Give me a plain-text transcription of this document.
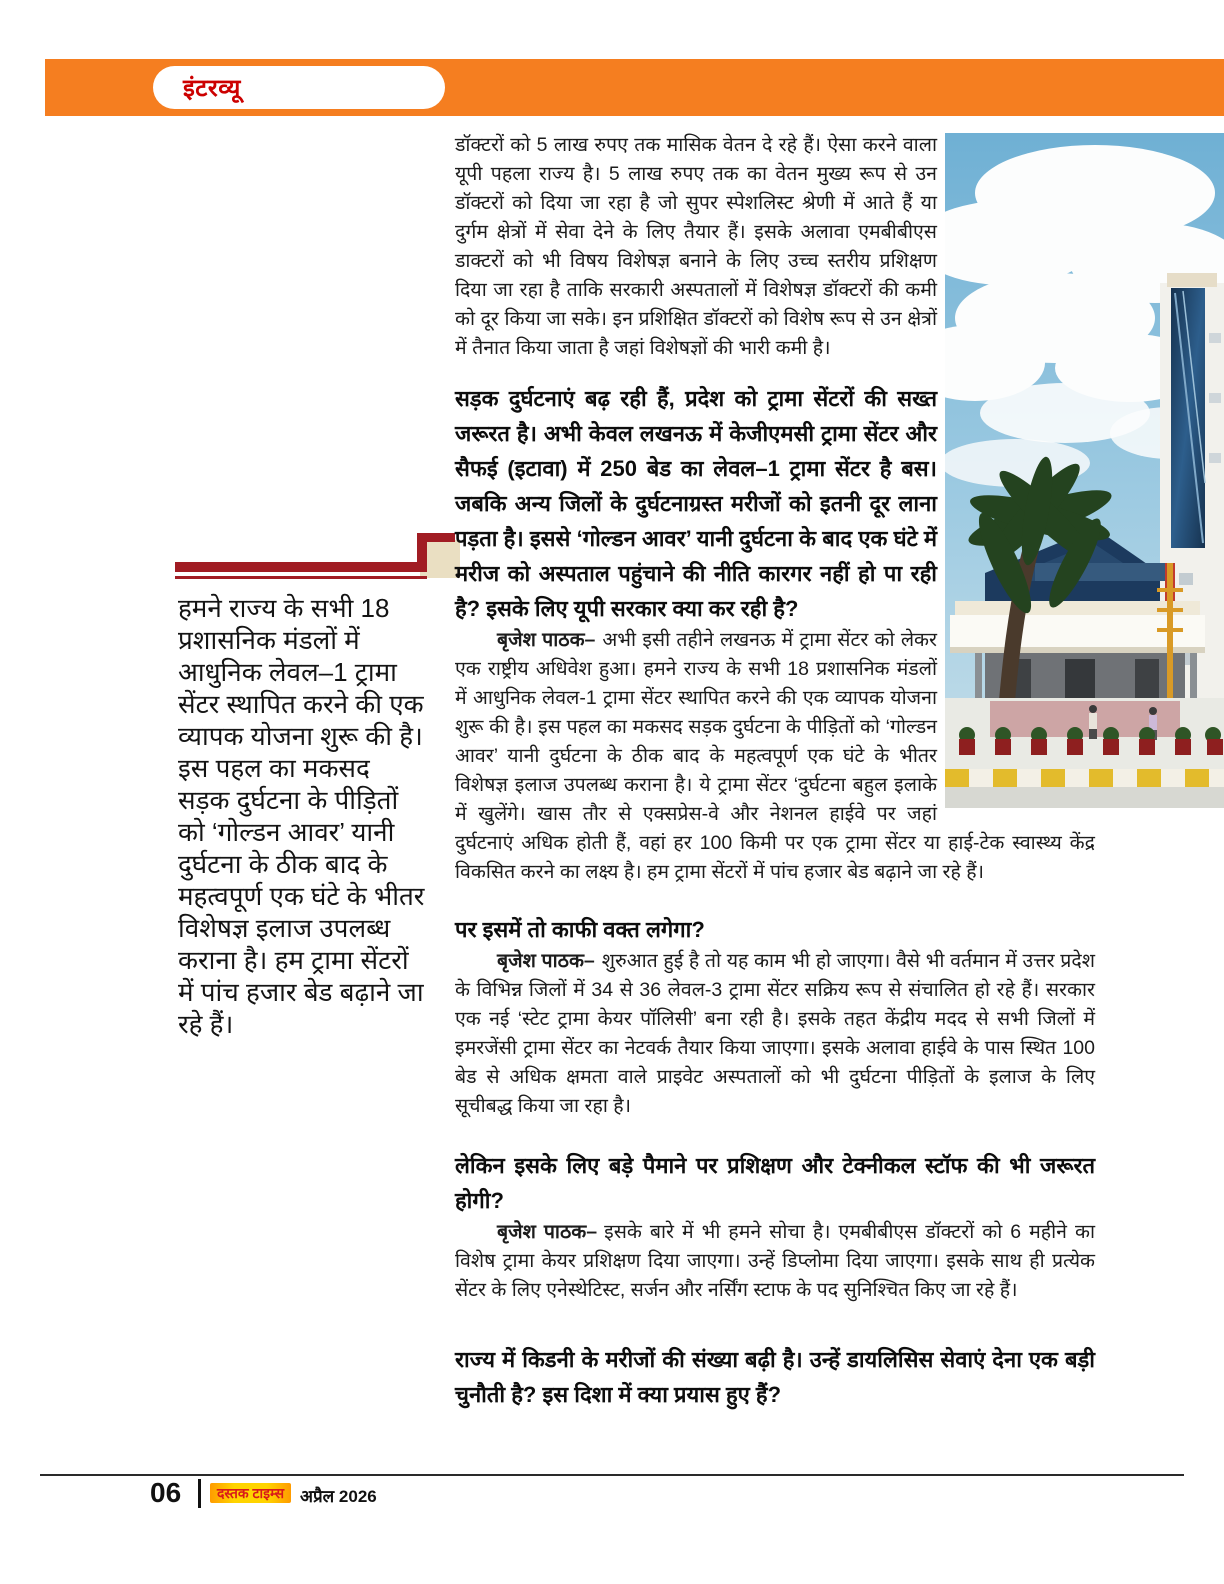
इंटरव्यू
हमने राज्य के सभी 18 प्रशासनिक मंडलों में आधुनिक लेवल–1 ट्रामा सेंटर स्थापित करने की एक व्यापक योजना शुरू की है। इस पहल का मकसद सड़क दुर्घटना के पीड़ितों को ‘गोल्डन आवर’ यानी दुर्घटना के ठीक बाद के महत्वपूर्ण एक घंटे के भीतर विशेषज्ञ इलाज उपलब्ध कराना है। हम ट्रामा सेंटरों में पांच हजार बेड बढ़ाने जा रहे हैं।

डॉक्टरों को 5 लाख रुपए तक मासिक वेतन दे रहे हैं। ऐसा करने वाला यूपी पहला राज्य है। 5 लाख रुपए तक का वेतन मुख्य रूप से उन डॉक्टरों को दिया जा रहा है जो सुपर स्पेशलिस्ट श्रेणी में आते हैं या दुर्गम क्षेत्रों में सेवा देने के लिए तैयार हैं। इसके अलावा एमबीबीएस डाक्टरों को भी विषय विशेषज्ञ बनाने के लिए उच्च स्तरीय प्रशिक्षण दिया जा रहा है ताकि सरकारी अस्पतालों में विशेषज्ञ डॉक्टरों की कमी को दूर किया जा सके। इन प्रशिक्षित डॉक्टरों को विशेष रूप से उन क्षेत्रों में तैनात किया जाता है जहां विशेषज्ञों की भारी कमी है।

सड़क दुर्घटनाएं बढ़ रही हैं, प्रदेश को ट्रामा सेंटरों की सख्त जरूरत है। अभी केवल लखनऊ में केजीएमसी ट्रामा सेंटर और सैफई (इटावा) में 250 बेड का लेवल–1 ट्रामा सेंटर है बस। जबकि अन्य जिलों के दुर्घटनाग्रस्त मरीजों को इतनी दूर लाना पड़ता है। इससे ‘गोल्डन आवर’ यानी दुर्घटना के बाद एक घंटे में मरीज को अस्पताल पहुंचाने की नीति कारगर नहीं हो पा रही है? इसके लिए यूपी सरकार क्या कर रही है?

बृजेश पाठक– अभी इसी तहीने लखनऊ में ट्रामा सेंटर को लेकर एक राष्ट्रीय अधिवेश हुआ। हमने राज्य के सभी 18 प्रशासनिक मंडलों में आधुनिक लेवल-1 ट्रामा सेंटर स्थापित करने की एक व्यापक योजना शुरू की है। इस पहल का मकसद सड़क दुर्घटना के पीड़ितों को ‘गोल्डन आवर’ यानी दुर्घटना के ठीक बाद के महत्वपूर्ण एक घंटे के भीतर विशेषज्ञ इलाज उपलब्ध कराना है। ये ट्रामा सेंटर ‘दुर्घटना बहुल इलाके में खुलेंगे। खास तौर से एक्सप्रेस-वे और नेशनल हाईवे पर जहां दुर्घटनाएं अधिक होती हैं, वहां हर 100 किमी पर एक ट्रामा सेंटर या हाई-टेक स्वास्थ्य केंद्र विकसित करने का लक्ष्य है। हम ट्रामा सेंटरों में पांच हजार बेड बढ़ाने जा रहे हैं।

पर इसमें तो काफी वक्त लगेगा?

बृजेश पाठक– शुरुआत हुई है तो यह काम भी हो जाएगा। वैसे भी वर्तमान में उत्तर प्रदेश के विभिन्न जिलों में 34 से 36 लेवल-3 ट्रामा सेंटर सक्रिय रूप से संचालित हो रहे हैं। सरकार एक नई ‘स्टेट ट्रामा केयर पॉलिसी’ बना रही है। इसके तहत केंद्रीय मदद से सभी जिलों में इमरजेंसी ट्रामा सेंटर का नेटवर्क तैयार किया जाएगा। इसके अलावा हाईवे के पास स्थित 100 बेड से अधिक क्षमता वाले प्राइवेट अस्पतालों को भी दुर्घटना पीड़ितों के इलाज के लिए सूचीबद्ध किया जा रहा है।

लेकिन इसके लिए बड़े पैमाने पर प्रशिक्षण और टेक्नीकल स्टॉफ की भी जरूरत होगी?

बृजेश पाठक– इसके बारे में भी हमने सोचा है। एमबीबीएस डॉक्टरों को 6 महीने का विशेष ट्रामा केयर प्रशिक्षण दिया जाएगा। उन्हें डिप्लोमा दिया जाएगा। इसके साथ ही प्रत्येक सेंटर के लिए एनेस्थेटिस्ट, सर्जन और नर्सिंग स्टाफ के पद सुनिश्चित किए जा रहे हैं।

राज्य में किडनी के मरीजों की संख्या बढ़ी है। उन्हें डायलिसिस सेवाएं देना एक बड़ी चुनौती है? इस दिशा में क्या प्रयास हुए हैं?
06	दस्तक टाइम्स अप्रैल 2026
